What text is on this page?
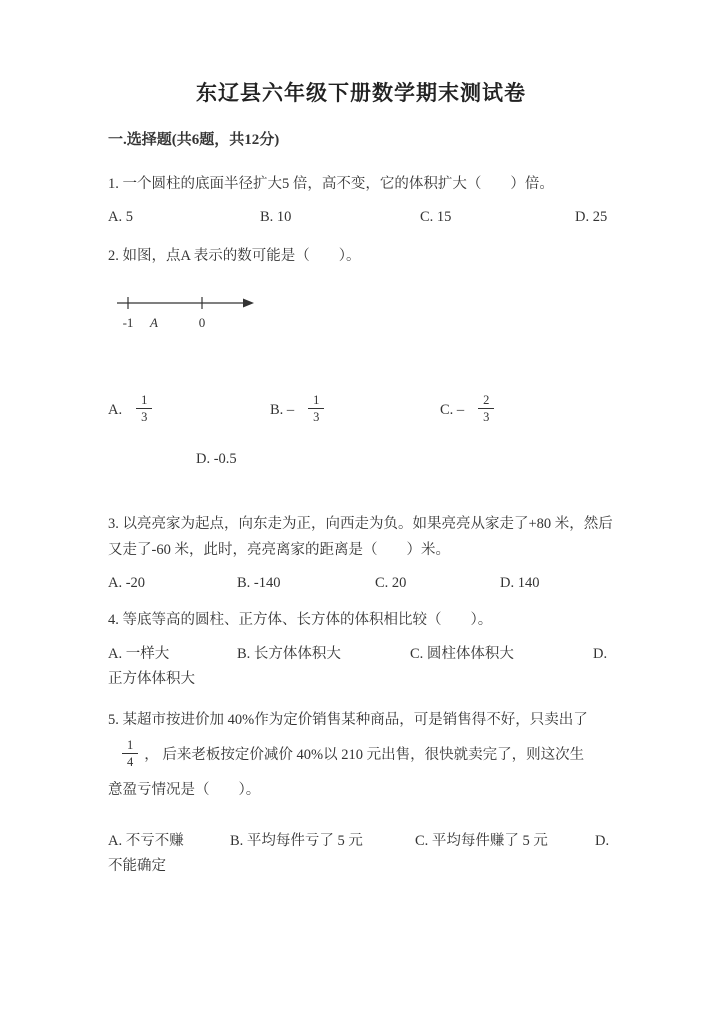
东辽县六年级下册数学期末测试卷
一.选择题(共6题，共12分)
1. 一个圆柱的底面半径扩大5 倍，高不变，它的体积扩大（　　）倍。
A. 5	B. 10	C. 15	D. 25
2. 如图，点A 表示的数可能是（　　）。
-1 A	0
A. $\frac{1}{3}$	B. – $\frac{1}{3}$	C. – $\frac{2}{3}$
D. -0.5
3. 以亮亮家为起点，向东走为正，向西走为负。如果亮亮从家走了+80 米，然后又走了-60 米，此时，亮亮离家的距离是（　　）米。
A. -20	B. -140	C. 20	D. 140
4. 等底等高的圆柱、正方体、长方体的体积相比较（　　）。
A. 一样大	B. 长方体体积大	C. 圆柱体体积大	D.
正方体体积大
5. 某超市按进价加 40%作为定价销售某种商品，可是销售得不好，只卖出了
$\frac{1}{4}$ ， 后来老板按定价减价 40%以 210 元出售，很快就卖完了，则这次生
意盈亏情况是（　　）。
A. 不亏不赚	B. 平均每件亏了 5 元	C. 平均每件赚了 5 元	D.
不能确定
